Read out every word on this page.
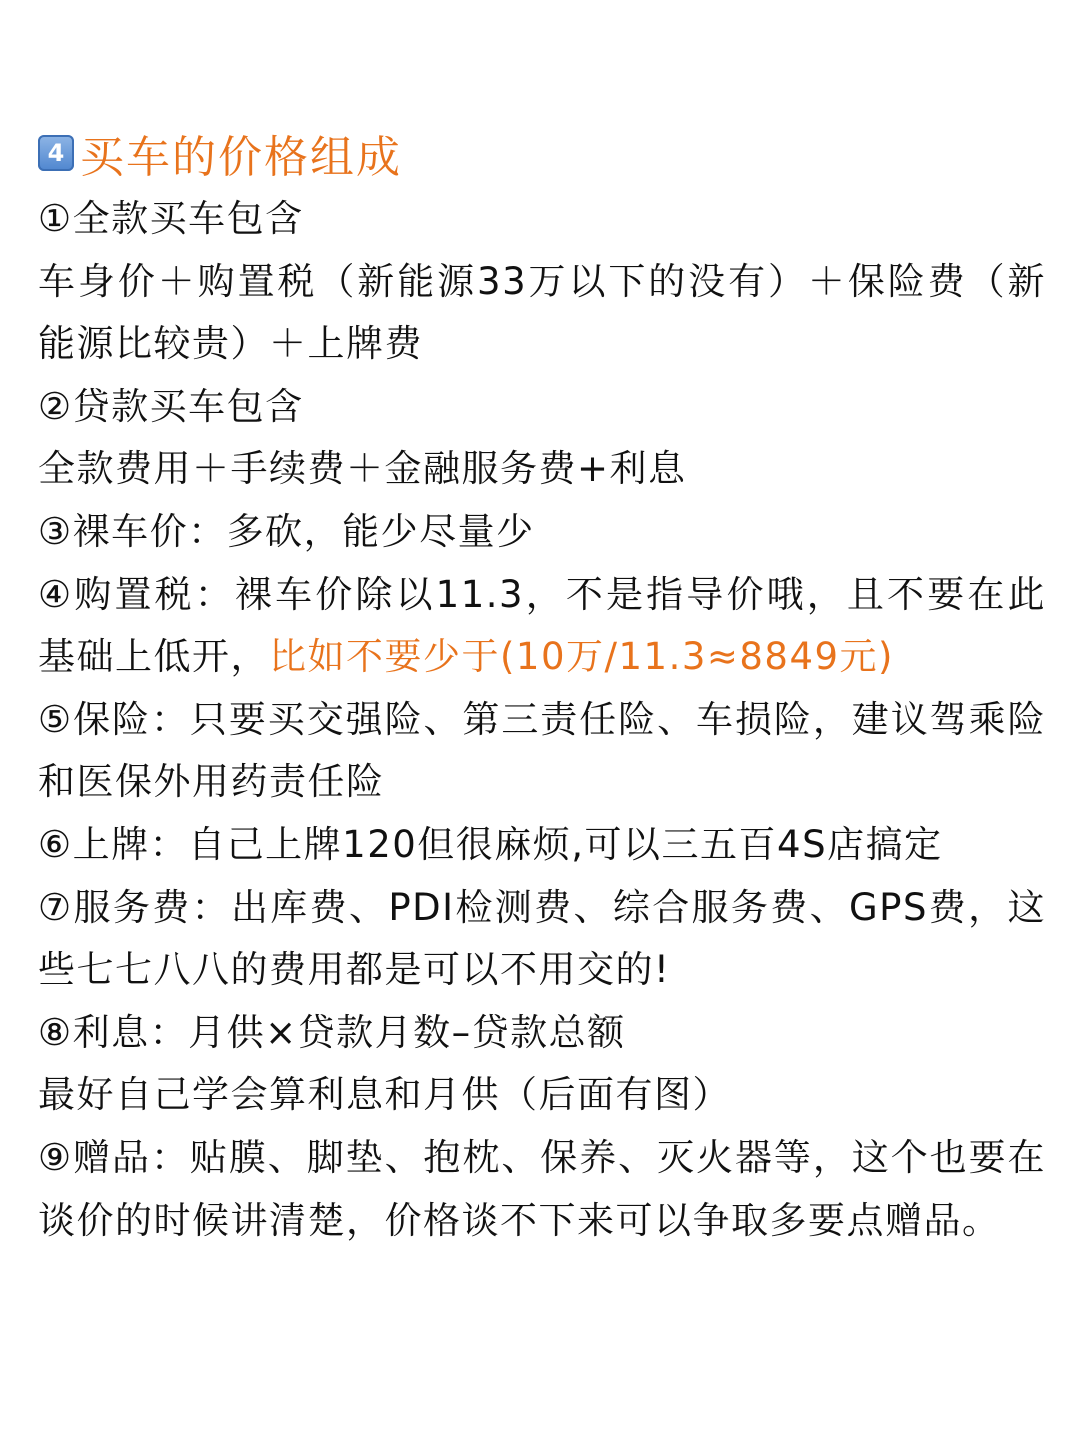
4 买车的价格组成
①全款买车包含
车身价＋购置税（新能源33万以下的没有）＋保险费（新能源比较贵）＋上牌费
②贷款买车包含
全款费用＋手续费＋金融服务费+利息
③裸车价：多砍，能少尽量少
④购置税：裸车价除以11.3，不是指导价哦，且不要在此基础上低开，比如不要少于(10万/11.3≈8849元)
⑤保险：只要买交强险、第三责任险、车损险，建议驾乘险和医保外用药责任险
⑥上牌：自己上牌120但很麻烦,可以三五百4S店搞定
⑦服务费：出库费、PDI检测费、综合服务费、GPS费，这些七七八八的费用都是可以不用交的!
⑧利息：月供×贷款月数–贷款总额
最好自己学会算利息和月供（后面有图）
⑨赠品：贴膜、脚垫、抱枕、保养、灭火器等，这个也要在谈价的时候讲清楚，价格谈不下来可以争取多要点赠品。
